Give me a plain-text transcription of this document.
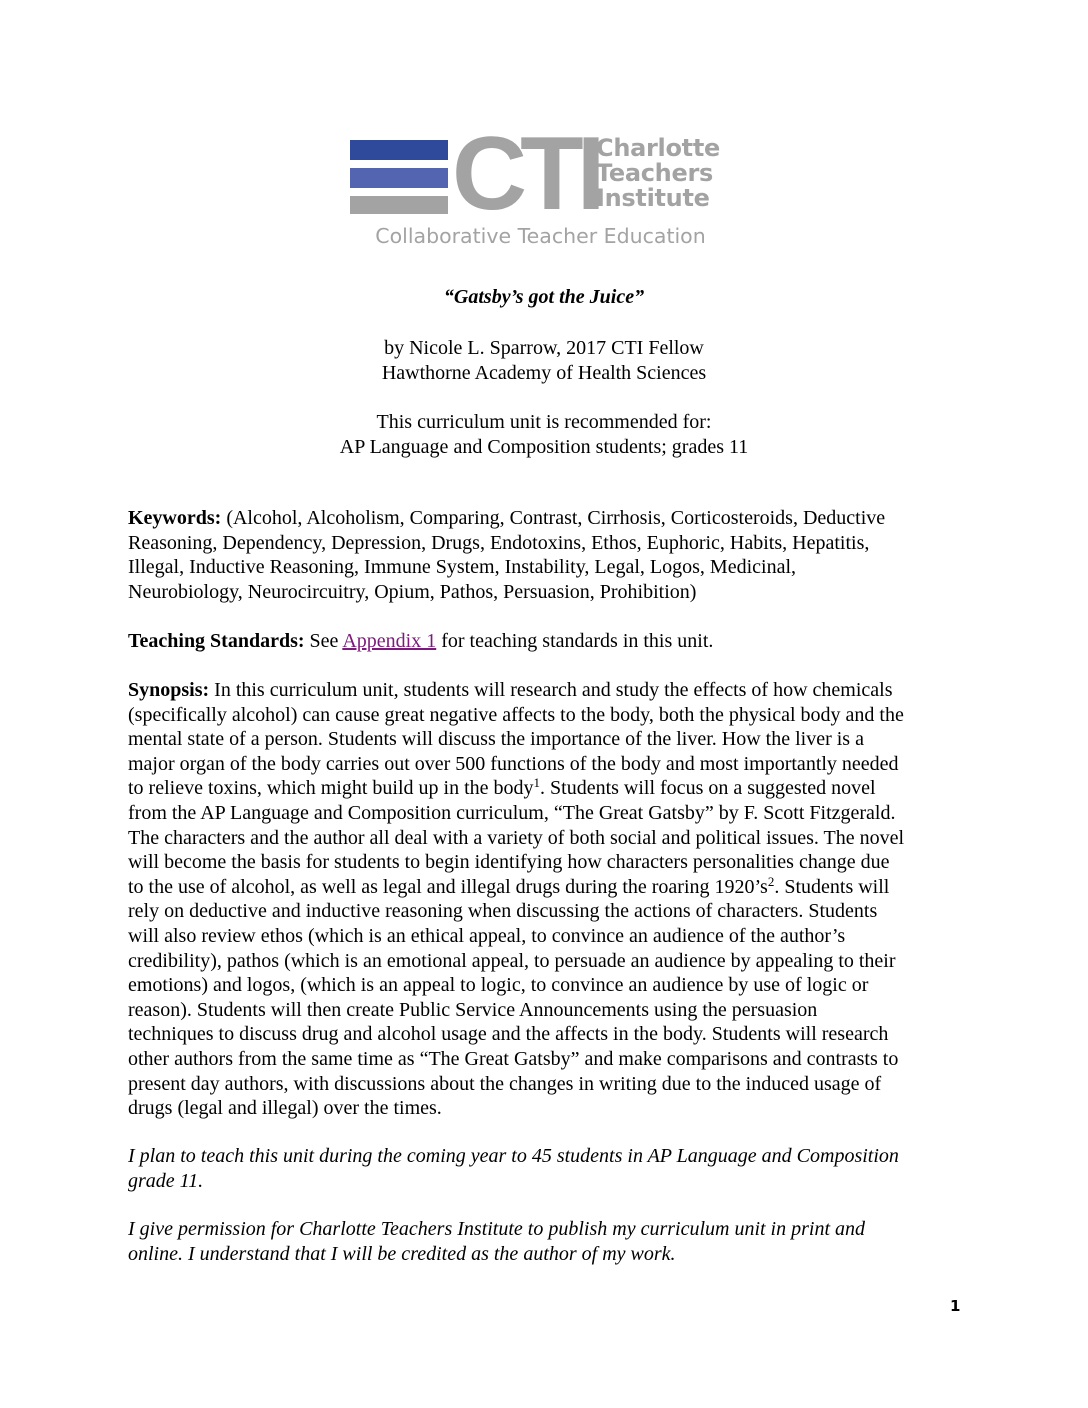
CTI
Charlotte
Teachers
Institute
Collaborative Teacher Education
“Gatsby’s got the Juice”
by Nicole L. Sparrow, 2017 CTI Fellow
Hawthorne Academy of Health Sciences
This curriculum unit is recommended for:
AP Language and Composition students; grades 11
Keywords: (Alcohol, Alcoholism, Comparing, Contrast, Cirrhosis, Corticosteroids, Deductive
Reasoning, Dependency, Depression, Drugs, Endotoxins, Ethos, Euphoric, Habits, Hepatitis,
Illegal, Inductive Reasoning, Immune System, Instability, Legal, Logos, Medicinal,
Neurobiology, Neurocircuitry, Opium, Pathos, Persuasion, Prohibition)
Teaching Standards: See Appendix 1 for teaching standards in this unit.
Synopsis: In this curriculum unit, students will research and study the effects of how chemicals
(specifically alcohol) can cause great negative affects to the body, both the physical body and the
mental state of a person. Students will discuss the importance of the liver. How the liver is a
major organ of the body carries out over 500 functions of the body and most importantly needed
to relieve toxins, which might build up in the body$^1$. Students will focus on a suggested novel
from the AP Language and Composition curriculum, “The Great Gatsby” by F. Scott Fitzgerald.
The characters and the author all deal with a variety of both social and political issues. The novel
will become the basis for students to begin identifying how characters personalities change due
to the use of alcohol, as well as legal and illegal drugs during the roaring $1920’s^2$. Students will
rely on deductive and inductive reasoning when discussing the actions of characters. Students
will also review ethos (which is an ethical appeal, to convince an audience of the author’s
credibility), pathos (which is an emotional appeal, to persuade an audience by appealing to their
emotions) and logos, (which is an appeal to logic, to convince an audience by use of logic or
reason). Students will then create Public Service Announcements using the persuasion
techniques to discuss drug and alcohol usage and the affects in the body. Students will research
other authors from the same time as “The Great Gatsby” and make comparisons and contrasts to
present day authors, with discussions about the changes in writing due to the induced usage of
drugs (legal and illegal) over the times.
I plan to teach this unit during the coming year to 45 students in AP Language and Composition
grade 11.
I give permission for Charlotte Teachers Institute to publish my curriculum unit in print and
online. I understand that I will be credited as the author of my work.
1
